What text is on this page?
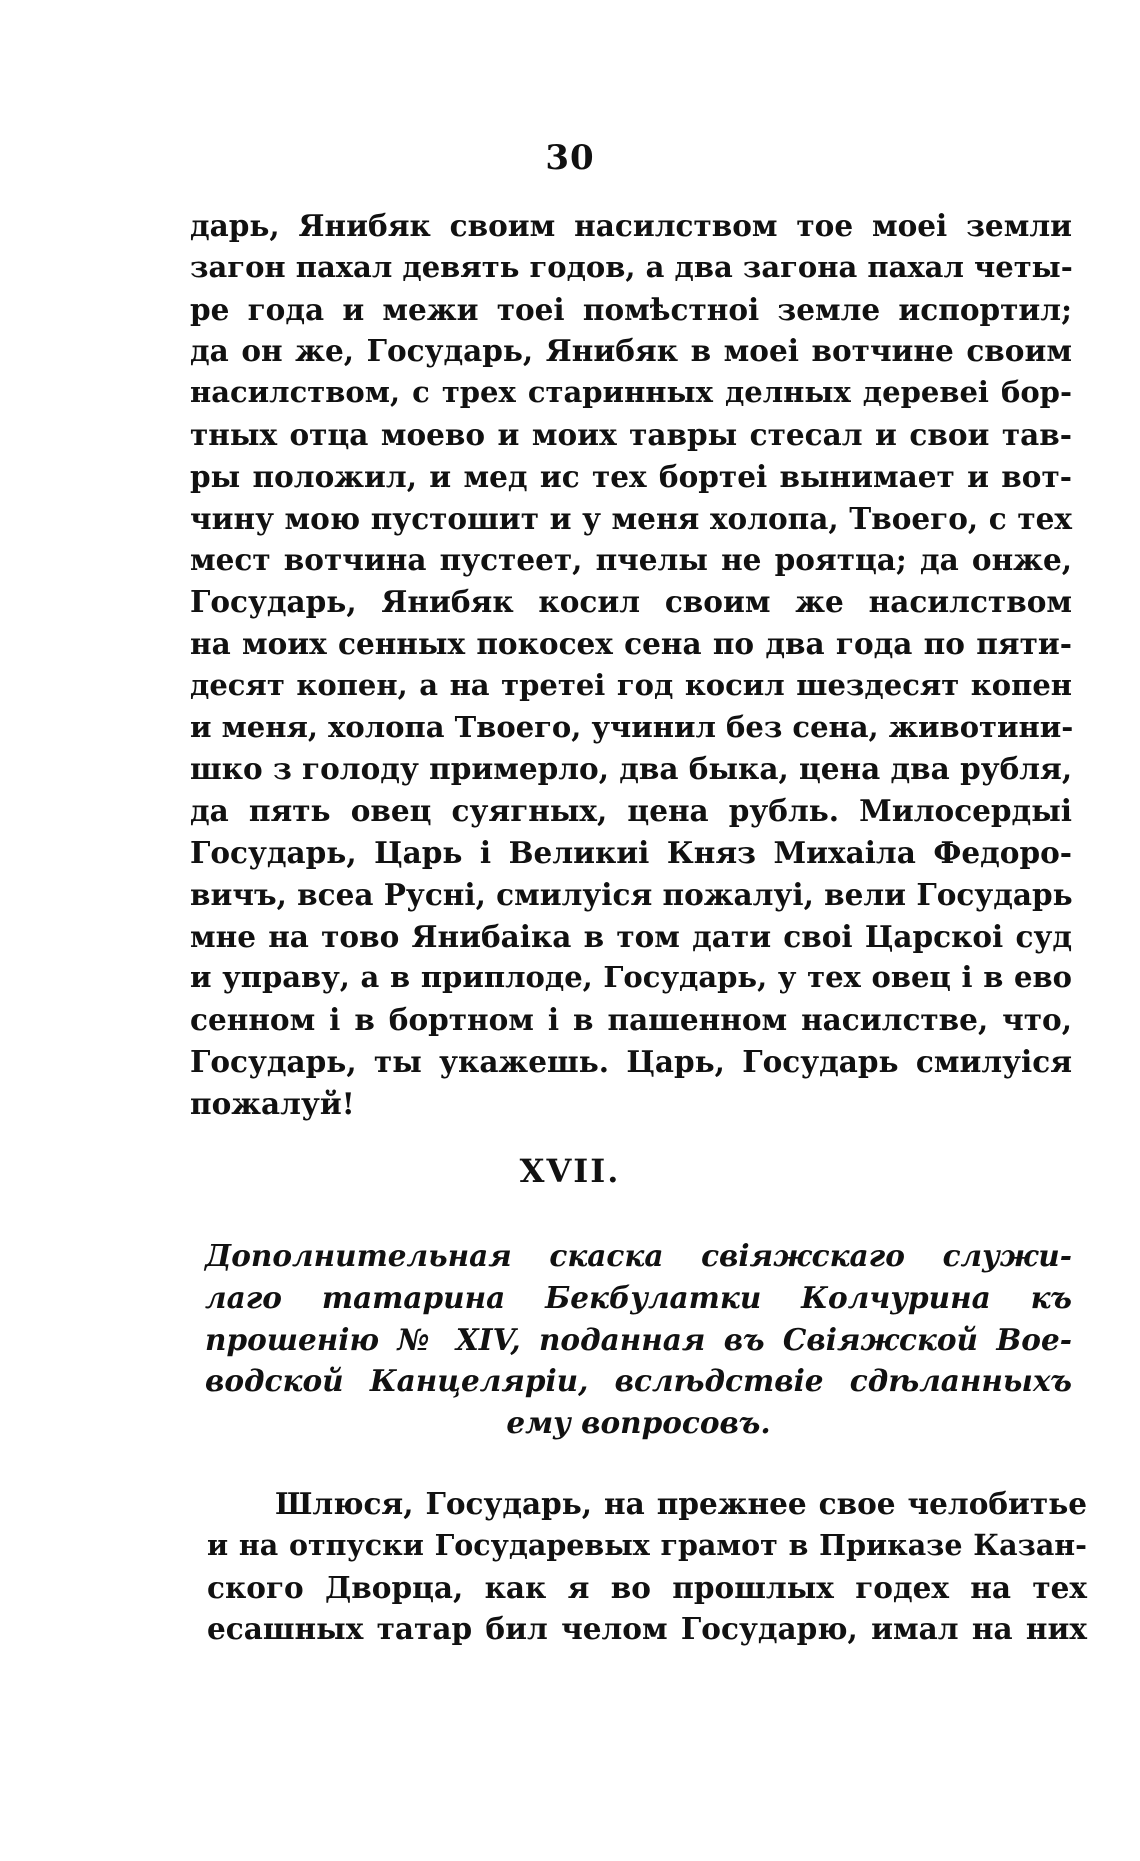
30
дарь, Янибяк своим насилством тое моеі земли
загон пахал девять годов, а два загона пахал четы-
ре года и межи тоеі помѣстноі земле испортил;
да он же, Государь, Янибяк в моеі вотчине своим
насилством, с трех старинных делных деревеі бор-
тных отца моево и моих тавры стесал и свои тав-
ры положил, и мед ис тех бортеі вынимает и вот-
чину мою пустошит и у меня холопа, Твоего, с тех
мест вотчина пустеет, пчелы не роятца; да онже,
Государь, Янибяк косил своим же насилством
на моих сенных покосех сена по два года по пяти-
десят копен, а на третеі год косил шездесят копен
и меня, холопа Твоего, учинил без сена, животини-
шко з голоду примерло, два быка, цена два рубля,
да пять овец суягных, цена рубль. Милосердыі
Государь, Царь і Великиі Княз Михаіла Федоро-
вичъ, всеа Русні, смилуіся пожалуі, вели Государь
мне на тово Янибаіка в том дати своі Царскоі суд
и управу, а в приплоде, Государь, у тех овец і в ево
сенном і в бортном і в пашенном насилстве, что,
Государь, ты укажешь. Царь, Государь смилуіся
пожалуй!
XVII.
Дополнительная скаска свіяжскаго служи-
лаго татарина Бекбулатки Колчурина къ
прошенію № XIV, поданная въ Свіяжской Вое-
водской Канцеляріи, вслѣдствіе сдѣланныхъ
ему вопросовъ.
Шлюся, Государь, на прежнее свое челобитье
и на отпуски Государевых грамот в Приказе Казан-
ского Дворца, как я во прошлых годех на тех
есашных татар бил челом Государю, имал на них
